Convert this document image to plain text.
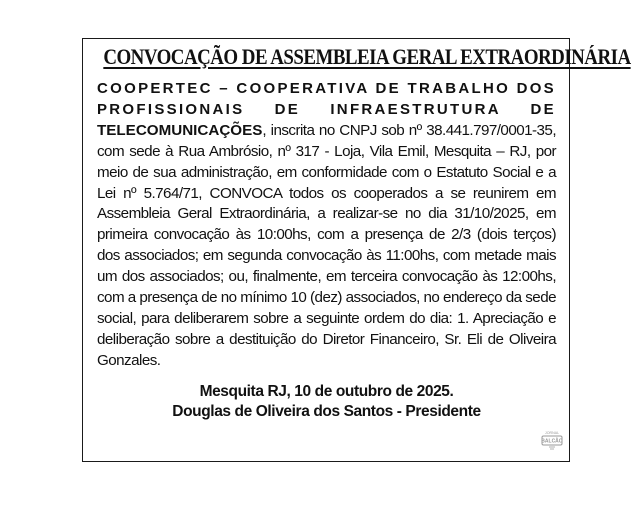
CONVOCAÇÃO DE ASSEMBLEIA GERAL EXTRAORDINÁRIA
COOPERTEC – COOPERATIVA DE TRABALHO DOS
PROFISSIONAIS DE INFRAESTRUTURA DE
TELECOMUNICAÇÕES, inscrita no CNPJ sob nº 38.441.797/0001-35, com sede à Rua Ambrósio, nº 317 - Loja, Vila Emil, Mesquita – RJ, por meio de sua administração, em conformidade com o Estatuto Social e a Lei nº 5.764/71, CONVOCA todos os cooperados a se reunirem em Assembleia Geral Extraordinária, a realizar-se no dia 31/10/2025, em primeira convocação às 10:00hs, com a presença de 2/3 (dois terços) dos associados; em segunda convocação às 11:00hs, com metade mais um dos associados; ou, finalmente, em terceira convocação às 12:00hs, com a presença de no mínimo 10 (dez) associados, no endereço da sede social, para deliberarem sobre a seguinte ordem do dia: 1. Apreciação e deliberação sobre a destituição do Diretor Financeiro, Sr. Eli de Oliveira Gonzales.
Mesquita RJ, 10 de outubro de 2025.
Douglas de Oliveira dos Santos - Presidente
JORNAL
BALCÃO
